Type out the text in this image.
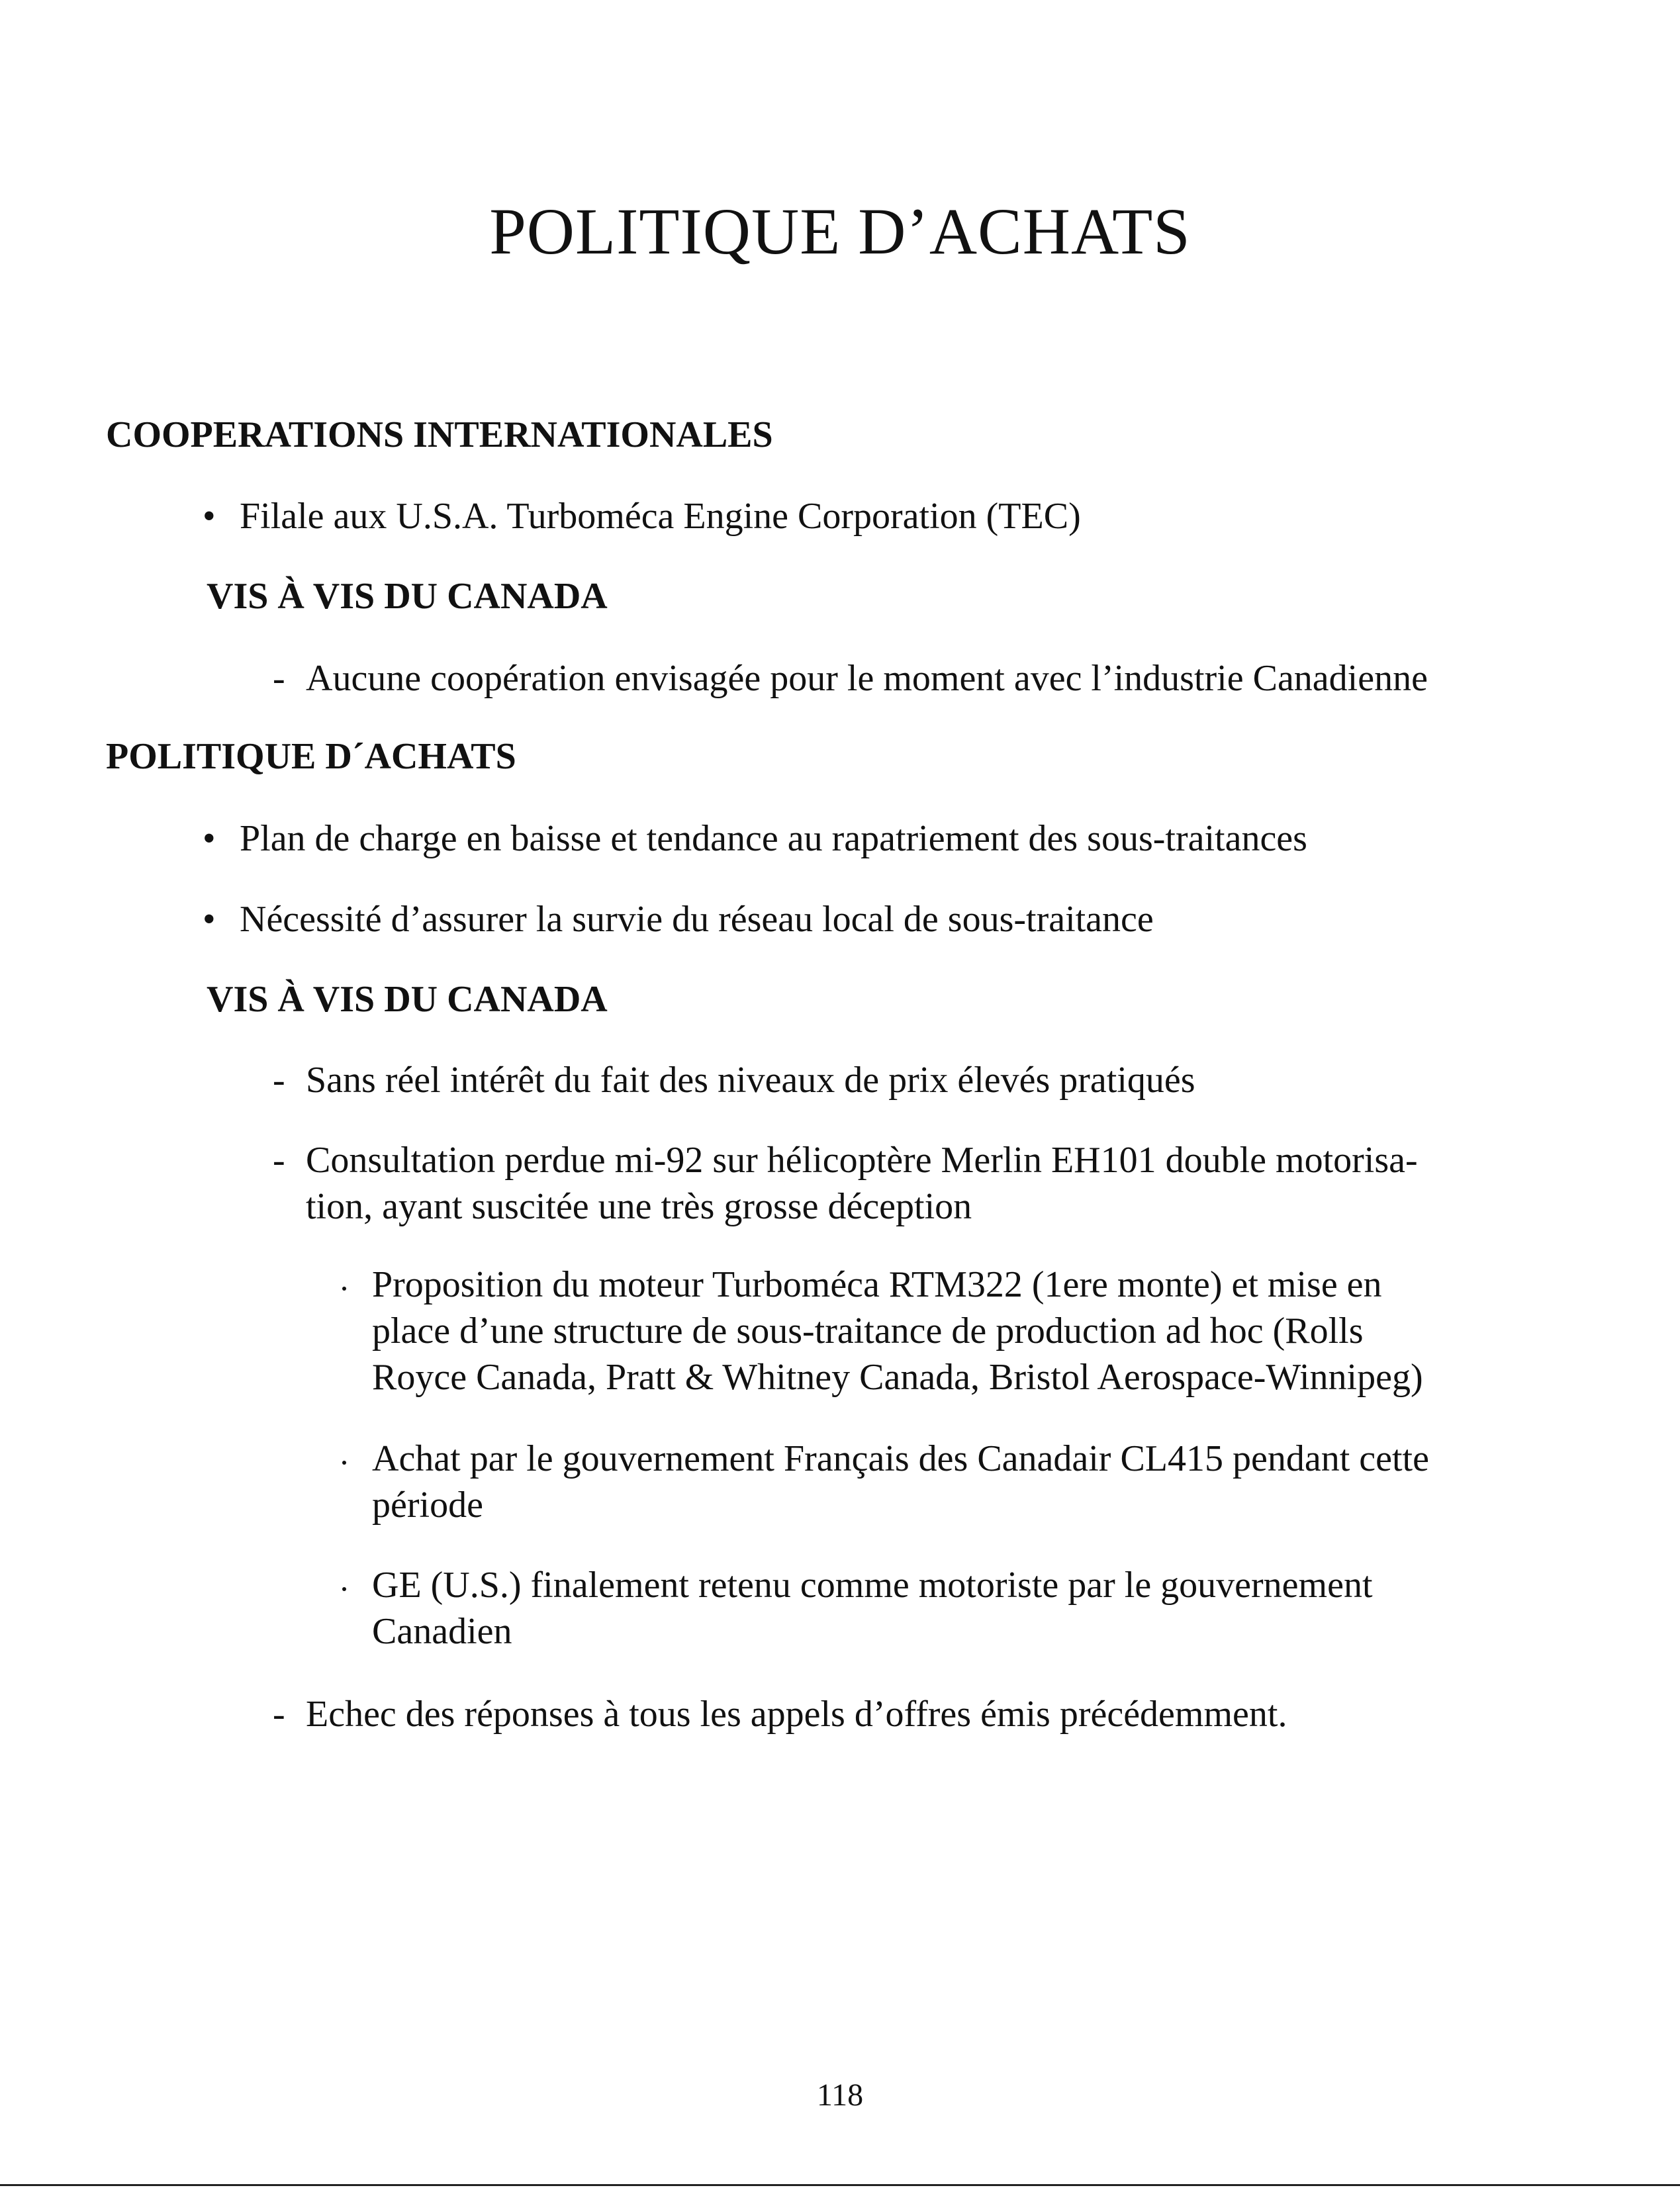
POLITIQUE D’ACHATS
COOPERATIONS INTERNATIONALES
• Filale aux U.S.A. Turboméca Engine Corporation (TEC)
VIS À VIS DU CANADA
- Aucune coopération envisagée pour le moment avec l’industrie Canadienne
POLITIQUE D´ACHATS
• Plan de charge en baisse et tendance au rapatriement des sous-traitances
• Nécessité d’assurer la survie du réseau local de sous-traitance
VIS À VIS DU CANADA
- Sans réel intérêt du fait des niveaux de prix élevés pratiqués
- Consultation perdue mi-92 sur hélicoptère Merlin EH101 double motorisa-
tion, ayant suscitée une très grosse déception
Proposition du moteur Turboméca RTM322 (1ere monte) et mise en
place d’une structure de sous-traitance de production ad hoc (Rolls
Royce Canada, Pratt & Whitney Canada, Bristol Aerospace-Winnipeg)
Achat par le gouvernement Français des Canadair CL415 pendant cette
période
GE (U.S.) finalement retenu comme motoriste par le gouvernement
Canadien
- Echec des réponses à tous les appels d’offres émis précédemment.
118
